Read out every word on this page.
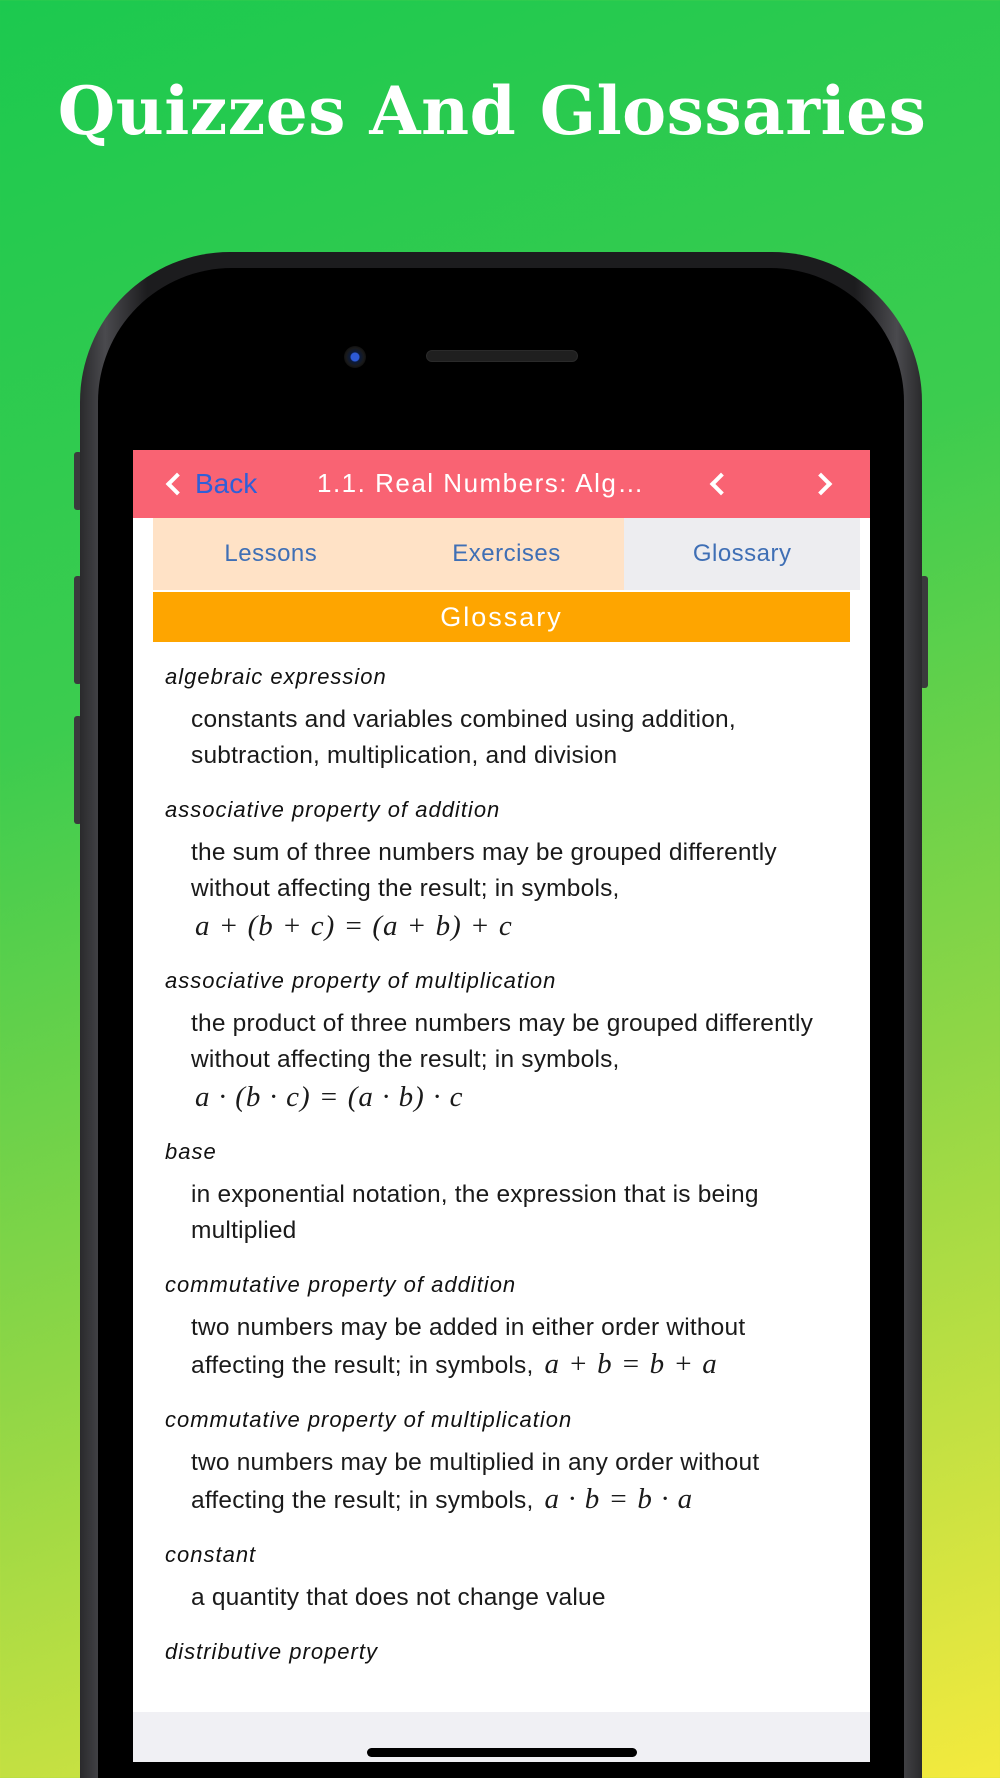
Quizzes And Glossaries
Back 1.1. Real Numbers: Alg…
Lessons	Exercises	Glossary
Glossary
algebraic expression
constants and variables combined using addition, subtraction, multiplication, and division
associative property of addition
the sum of three numbers may be grouped differently without affecting the result; in symbols,
a + (b + c) = (a + b) + c
associative property of multiplication
the product of three numbers may be grouped differently without affecting the result; in symbols,
a · (b · c) = (a · b) · c
base
in exponential notation, the expression that is being multiplied
commutative property of addition
two numbers may be added in either order without affecting the result; in symbols, a + b = b + a
commutative property of multiplication
two numbers may be multiplied in any order without affecting the result; in symbols, a · b = b · a
constant
a quantity that does not change value
distributive property
